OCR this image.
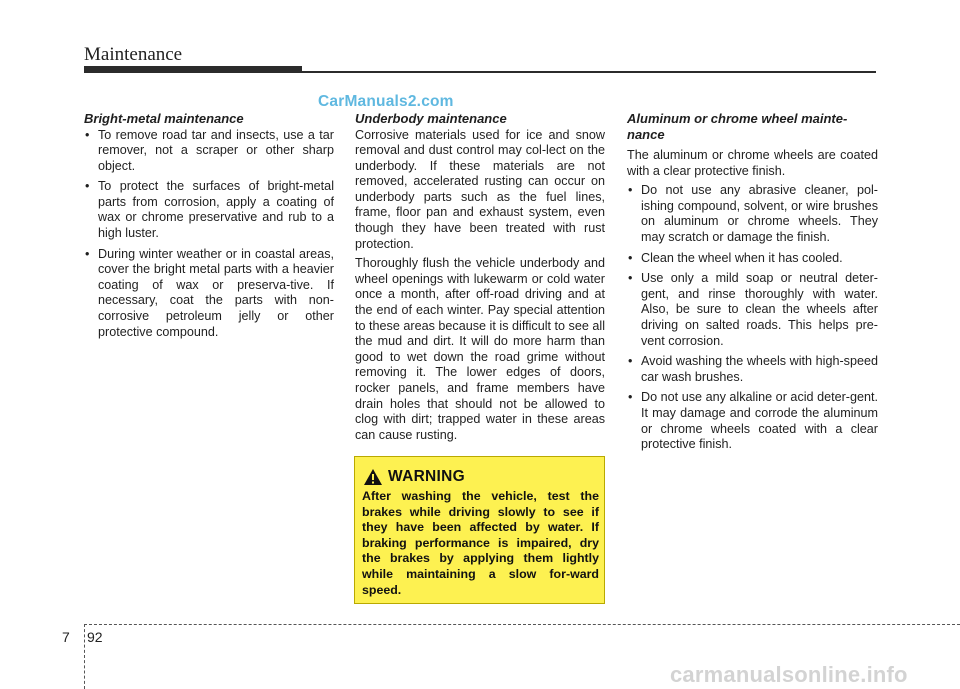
Maintenance
CarManuals2.com
Bright-metal maintenance
• To remove road tar and insects, use a tar remover, not a scraper or other sharp object.
• To protect the surfaces of bright-metal parts from corrosion, apply a coating of wax or chrome preservative and rub to a high luster.
• During winter weather or in coastal areas, cover the bright metal parts with a heavier coating of wax or preserva-tive. If necessary, coat the parts with non-corrosive petroleum jelly or other protective compound.
Underbody maintenance
Corrosive materials used for ice and snow removal and dust control may col-lect on the underbody. If these materials are not removed, accelerated rusting can occur on underbody parts such as the fuel lines, frame, floor pan and exhaust system, even though they have been treated with rust protection.
Thoroughly flush the vehicle underbody and wheel openings with lukewarm or cold water once a month, after off-road driving and at the end of each winter. Pay special attention to these areas because it is difficult to see all the mud and dirt. It will do more harm than good to wet down the road grime without removing it. The lower edges of doors, rocker panels, and frame members have drain holes that should not be allowed to clog with dirt; trapped water in these areas can cause rusting.
Aluminum or chrome wheel mainte-nance
The aluminum or chrome wheels are coated with a clear protective finish.
• Do not use any abrasive cleaner, pol-ishing compound, solvent, or wire brushes on aluminum or chrome wheels. They may scratch or damage the finish.
• Clean the wheel when it has cooled.
• Use only a mild soap or neutral deter-gent, and rinse thoroughly with water. Also, be sure to clean the wheels after driving on salted roads. This helps pre-vent corrosion.
• Avoid washing the wheels with high-speed car wash brushes.
• Do not use any alkaline or acid deter-gent. It may damage and corrode the aluminum or chrome wheels coated with a clear protective finish.
WARNING
After washing the vehicle, test the brakes while driving slowly to see if they have been affected by water. If braking performance is impaired, dry the brakes by applying them lightly while maintaining a slow for-ward speed.
7 92
carmanualsonline.info
